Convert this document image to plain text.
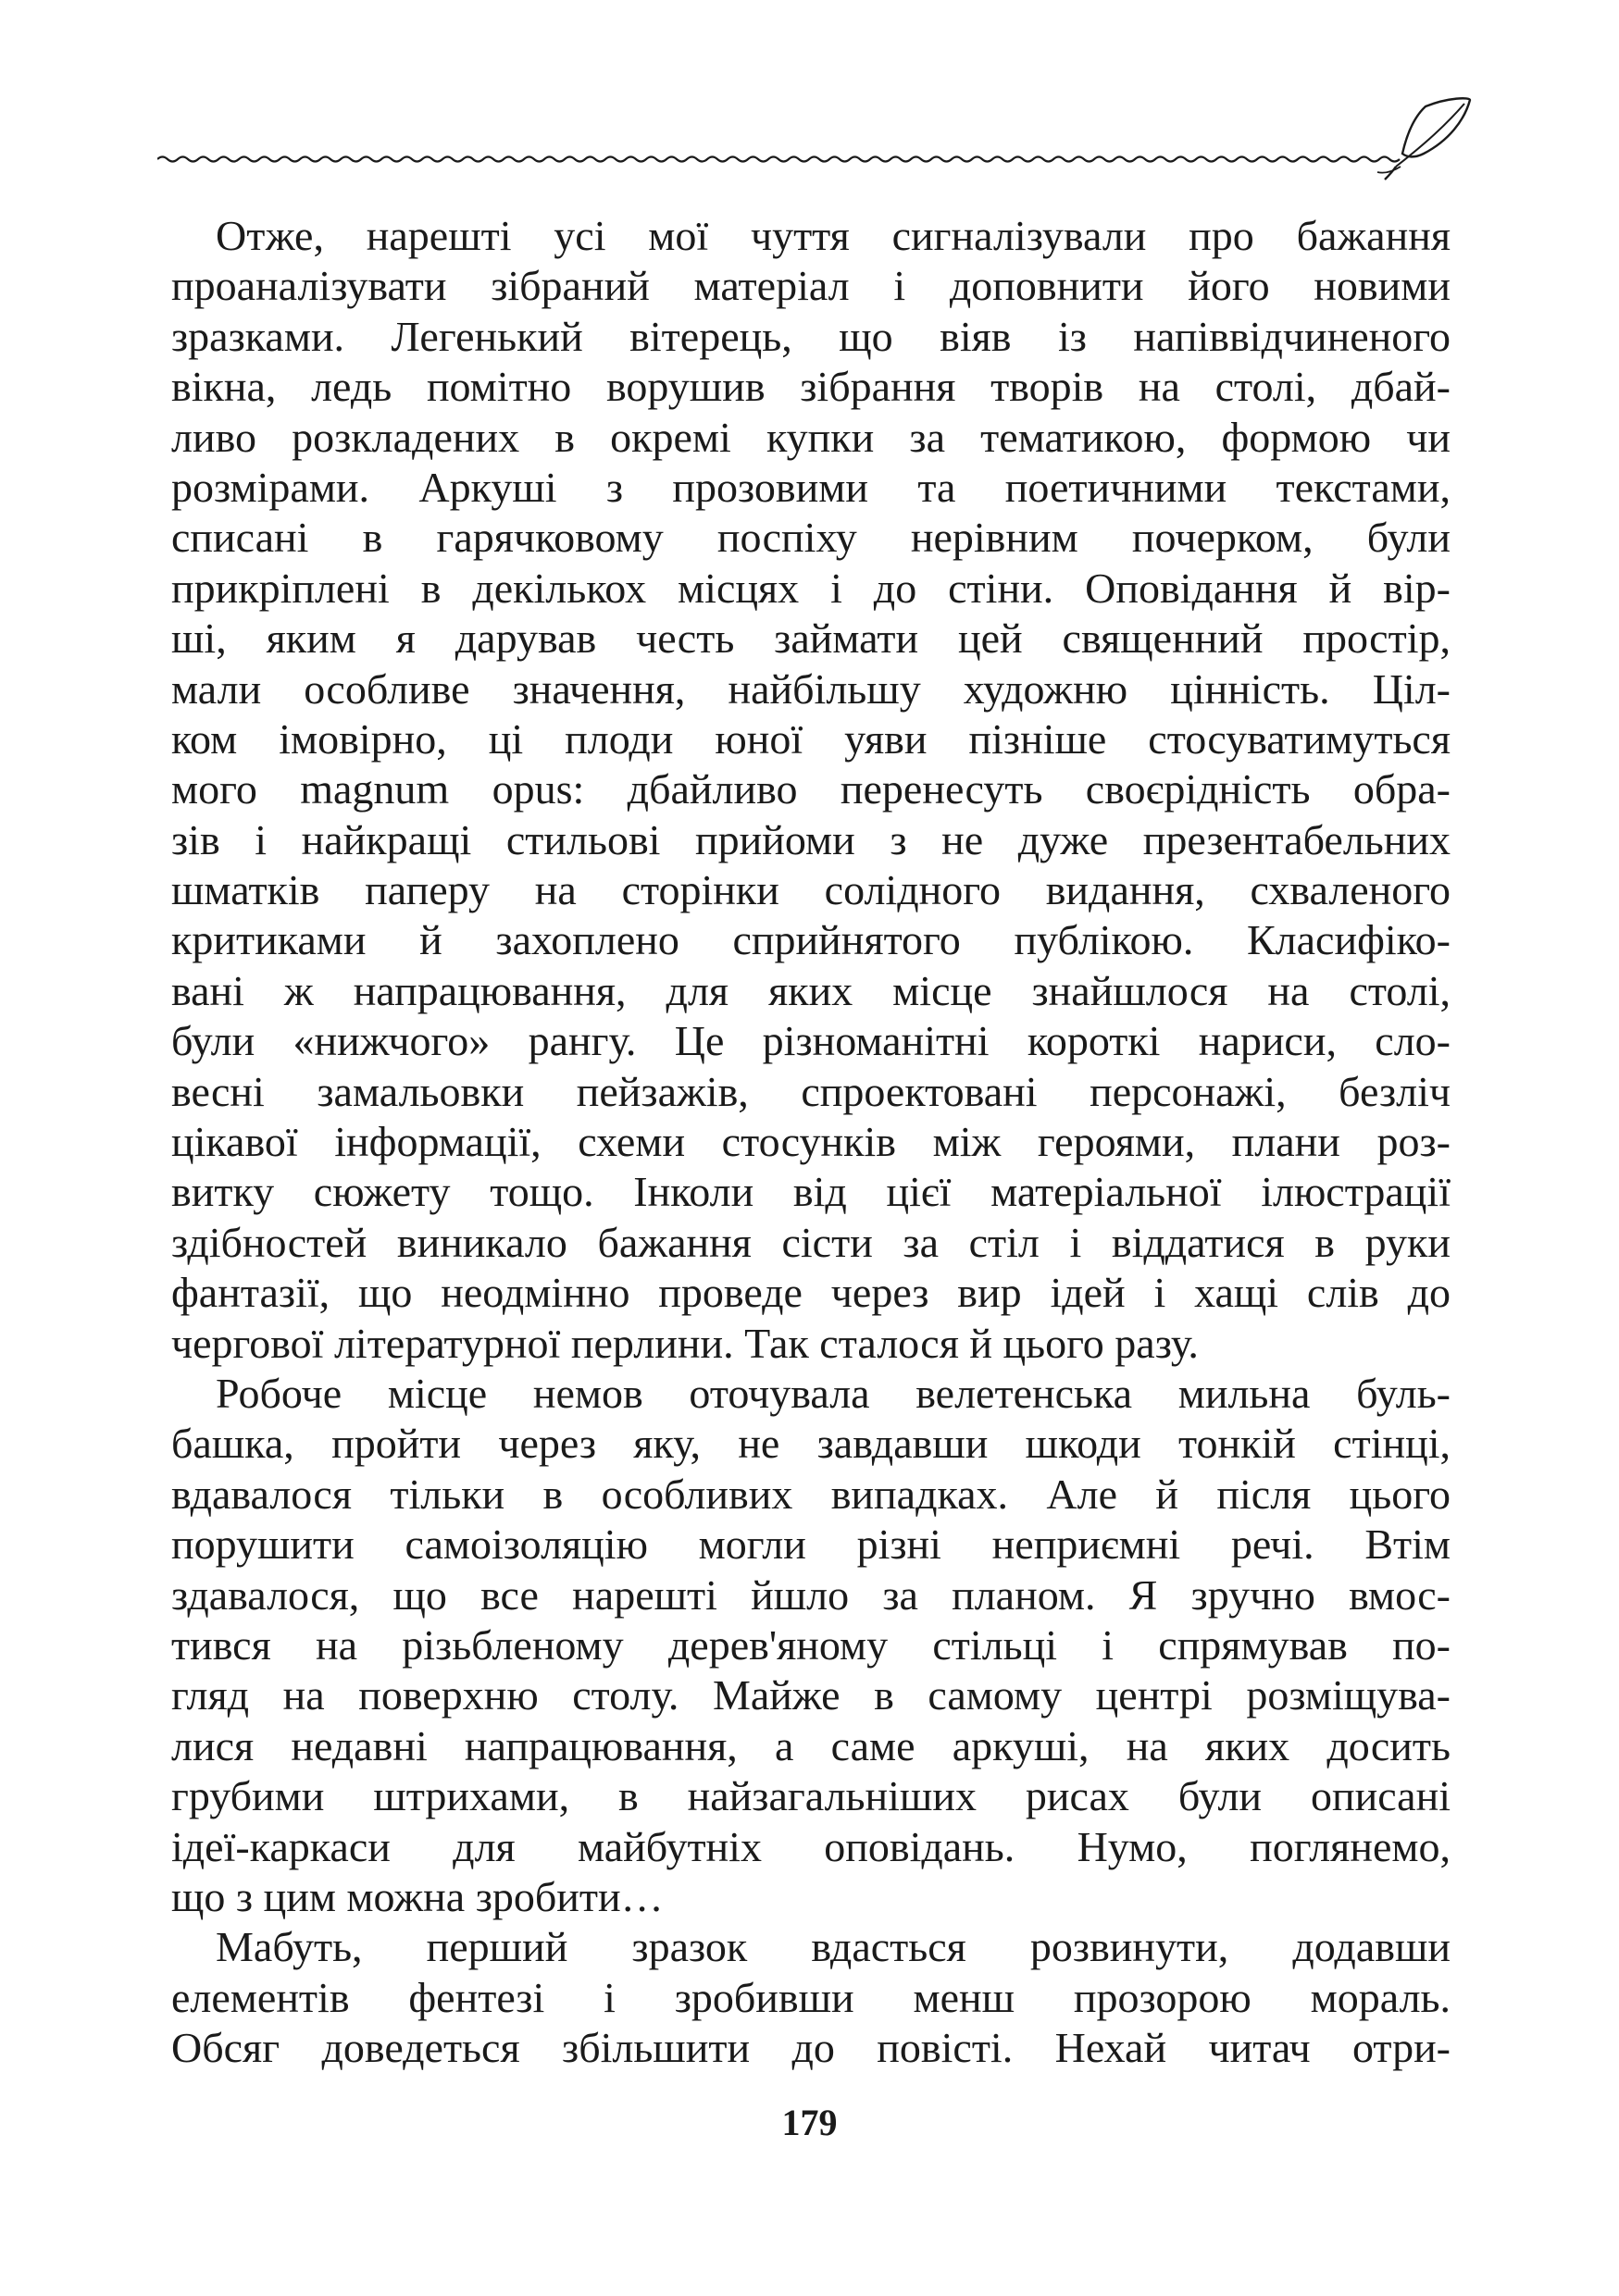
Отже, нарешті усі мої чуття сигналізували про бажання
проаналізувати зібраний матеріал і доповнити його новими
зразками. Легенький вітерець, що віяв із напіввідчиненого
вікна, ледь помітно ворушив зібрання творів на столі, дбай-
ливо розкладених в окремі купки за тематикою, формою чи
розмірами. Аркуші з прозовими та поетичними текстами,
списані в гарячковому поспіху нерівним почерком, були
прикріплені в декількох місцях і до стіни. Оповідання й вір-
ші, яким я дарував честь займати цей священний простір,
мали особливе значення, найбільшу художню цінність. Ціл-
ком імовірно, ці плоди юної уяви пізніше стосуватимуться
мого magnum opus: дбайливо перенесуть своєрідність обра-
зів і найкращі стильові прийоми з не дуже презентабельних
шматків паперу на сторінки солідного видання, схваленого
критиками й захоплено сприйнятого публікою. Класифіко-
вані ж напрацювання, для яких місце знайшлося на столі,
були «нижчого» рангу. Це різноманітні короткі нариси, сло-
весні замальовки пейзажів, спроектовані персонажі, безліч
цікавої інформації, схеми стосунків між героями, плани роз-
витку сюжету тощо. Інколи від цієї матеріальної ілюстрації
здібностей виникало бажання сісти за стіл і віддатися в руки
фантазії, що неодмінно проведе через вир ідей і хащі слів до
чергової літературної перлини. Так сталося й цього разу.
Робоче місце немов оточувала велетенська мильна буль-
башка, пройти через яку, не завдавши шкоди тонкій стінці,
вдавалося тільки в особливих випадках. Але й після цього
порушити самоізоляцію могли різні неприємні речі. Втім
здавалося, що все нарешті йшло за планом. Я зручно вмос-
тився на різьбленому дерев'яному стільці і спрямував по-
гляд на поверхню столу. Майже в самому центрі розміщува-
лися недавні напрацювання, а саме аркуші, на яких досить
грубими штрихами, в найзагальніших рисах були описані
ідеї-каркаси для майбутніх оповідань. Нумо, поглянемо,
що з цим можна зробити…
Мабуть, перший зразок вдасться розвинути, додавши
елементів фентезі і зробивши менш прозорою мораль.
Обсяг доведеться збільшити до повісті. Нехай читач отри-
179
